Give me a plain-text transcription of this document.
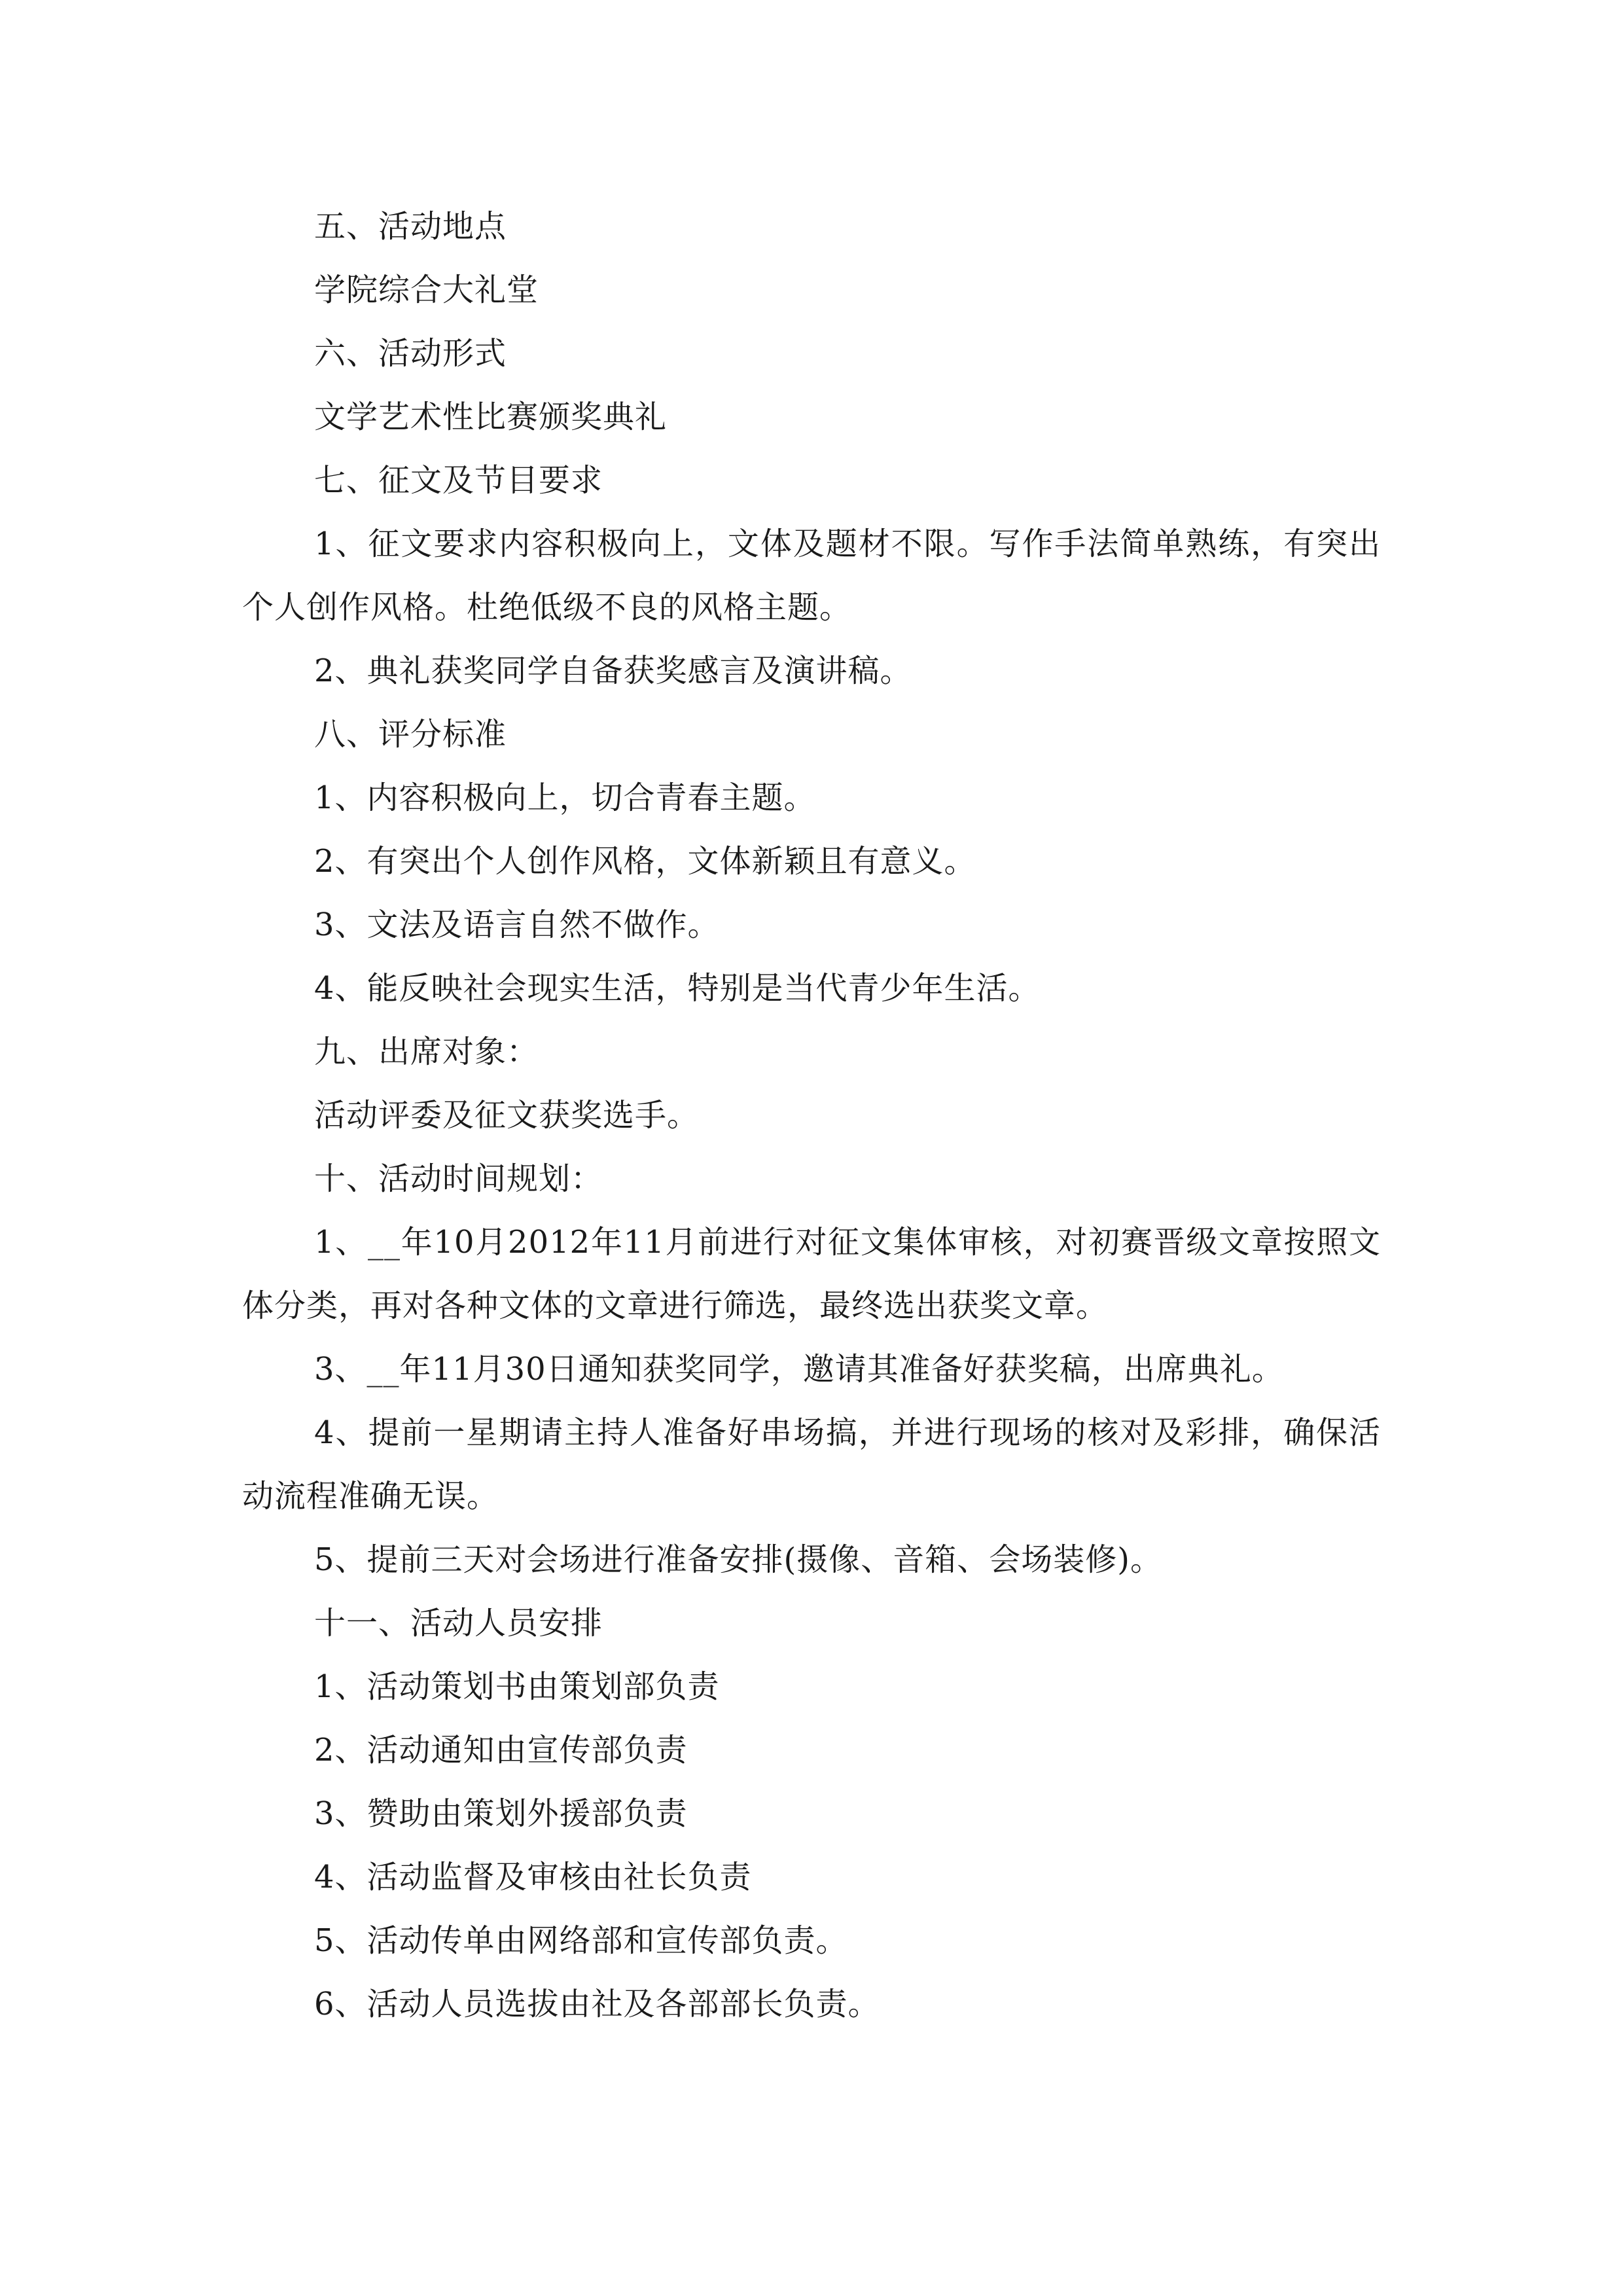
五、活动地点

学院综合大礼堂

六、活动形式

文学艺术性比赛颁奖典礼

七、征文及节目要求

1、征文要求内容积极向上，文体及题材不限。写作手法简单熟练，有突出个人创作风格。杜绝低级不良的风格主题。

2、典礼获奖同学自备获奖感言及演讲稿。

八、评分标准

1、内容积极向上，切合青春主题。

2、有突出个人创作风格，文体新颖且有意义。

3、文法及语言自然不做作。

4、能反映社会现实生活，特别是当代青少年生活。

九、出席对象：

活动评委及征文获奖选手。

十、活动时间规划：

1、__年10月2012年11月前进行对征文集体审核，对初赛晋级文章按照文体分类，再对各种文体的文章进行筛选，最终选出获奖文章。

3、__年11月30日通知获奖同学，邀请其准备好获奖稿，出席典礼。

4、提前一星期请主持人准备好串场搞，并进行现场的核对及彩排，确保活动流程准确无误。

5、提前三天对会场进行准备安排(摄像、音箱、会场装修)。

十一、活动人员安排

1、活动策划书由策划部负责

2、活动通知由宣传部负责

3、赞助由策划外援部负责

4、活动监督及审核由社长负责

5、活动传单由网络部和宣传部负责。

6、活动人员选拔由社及各部部长负责。
